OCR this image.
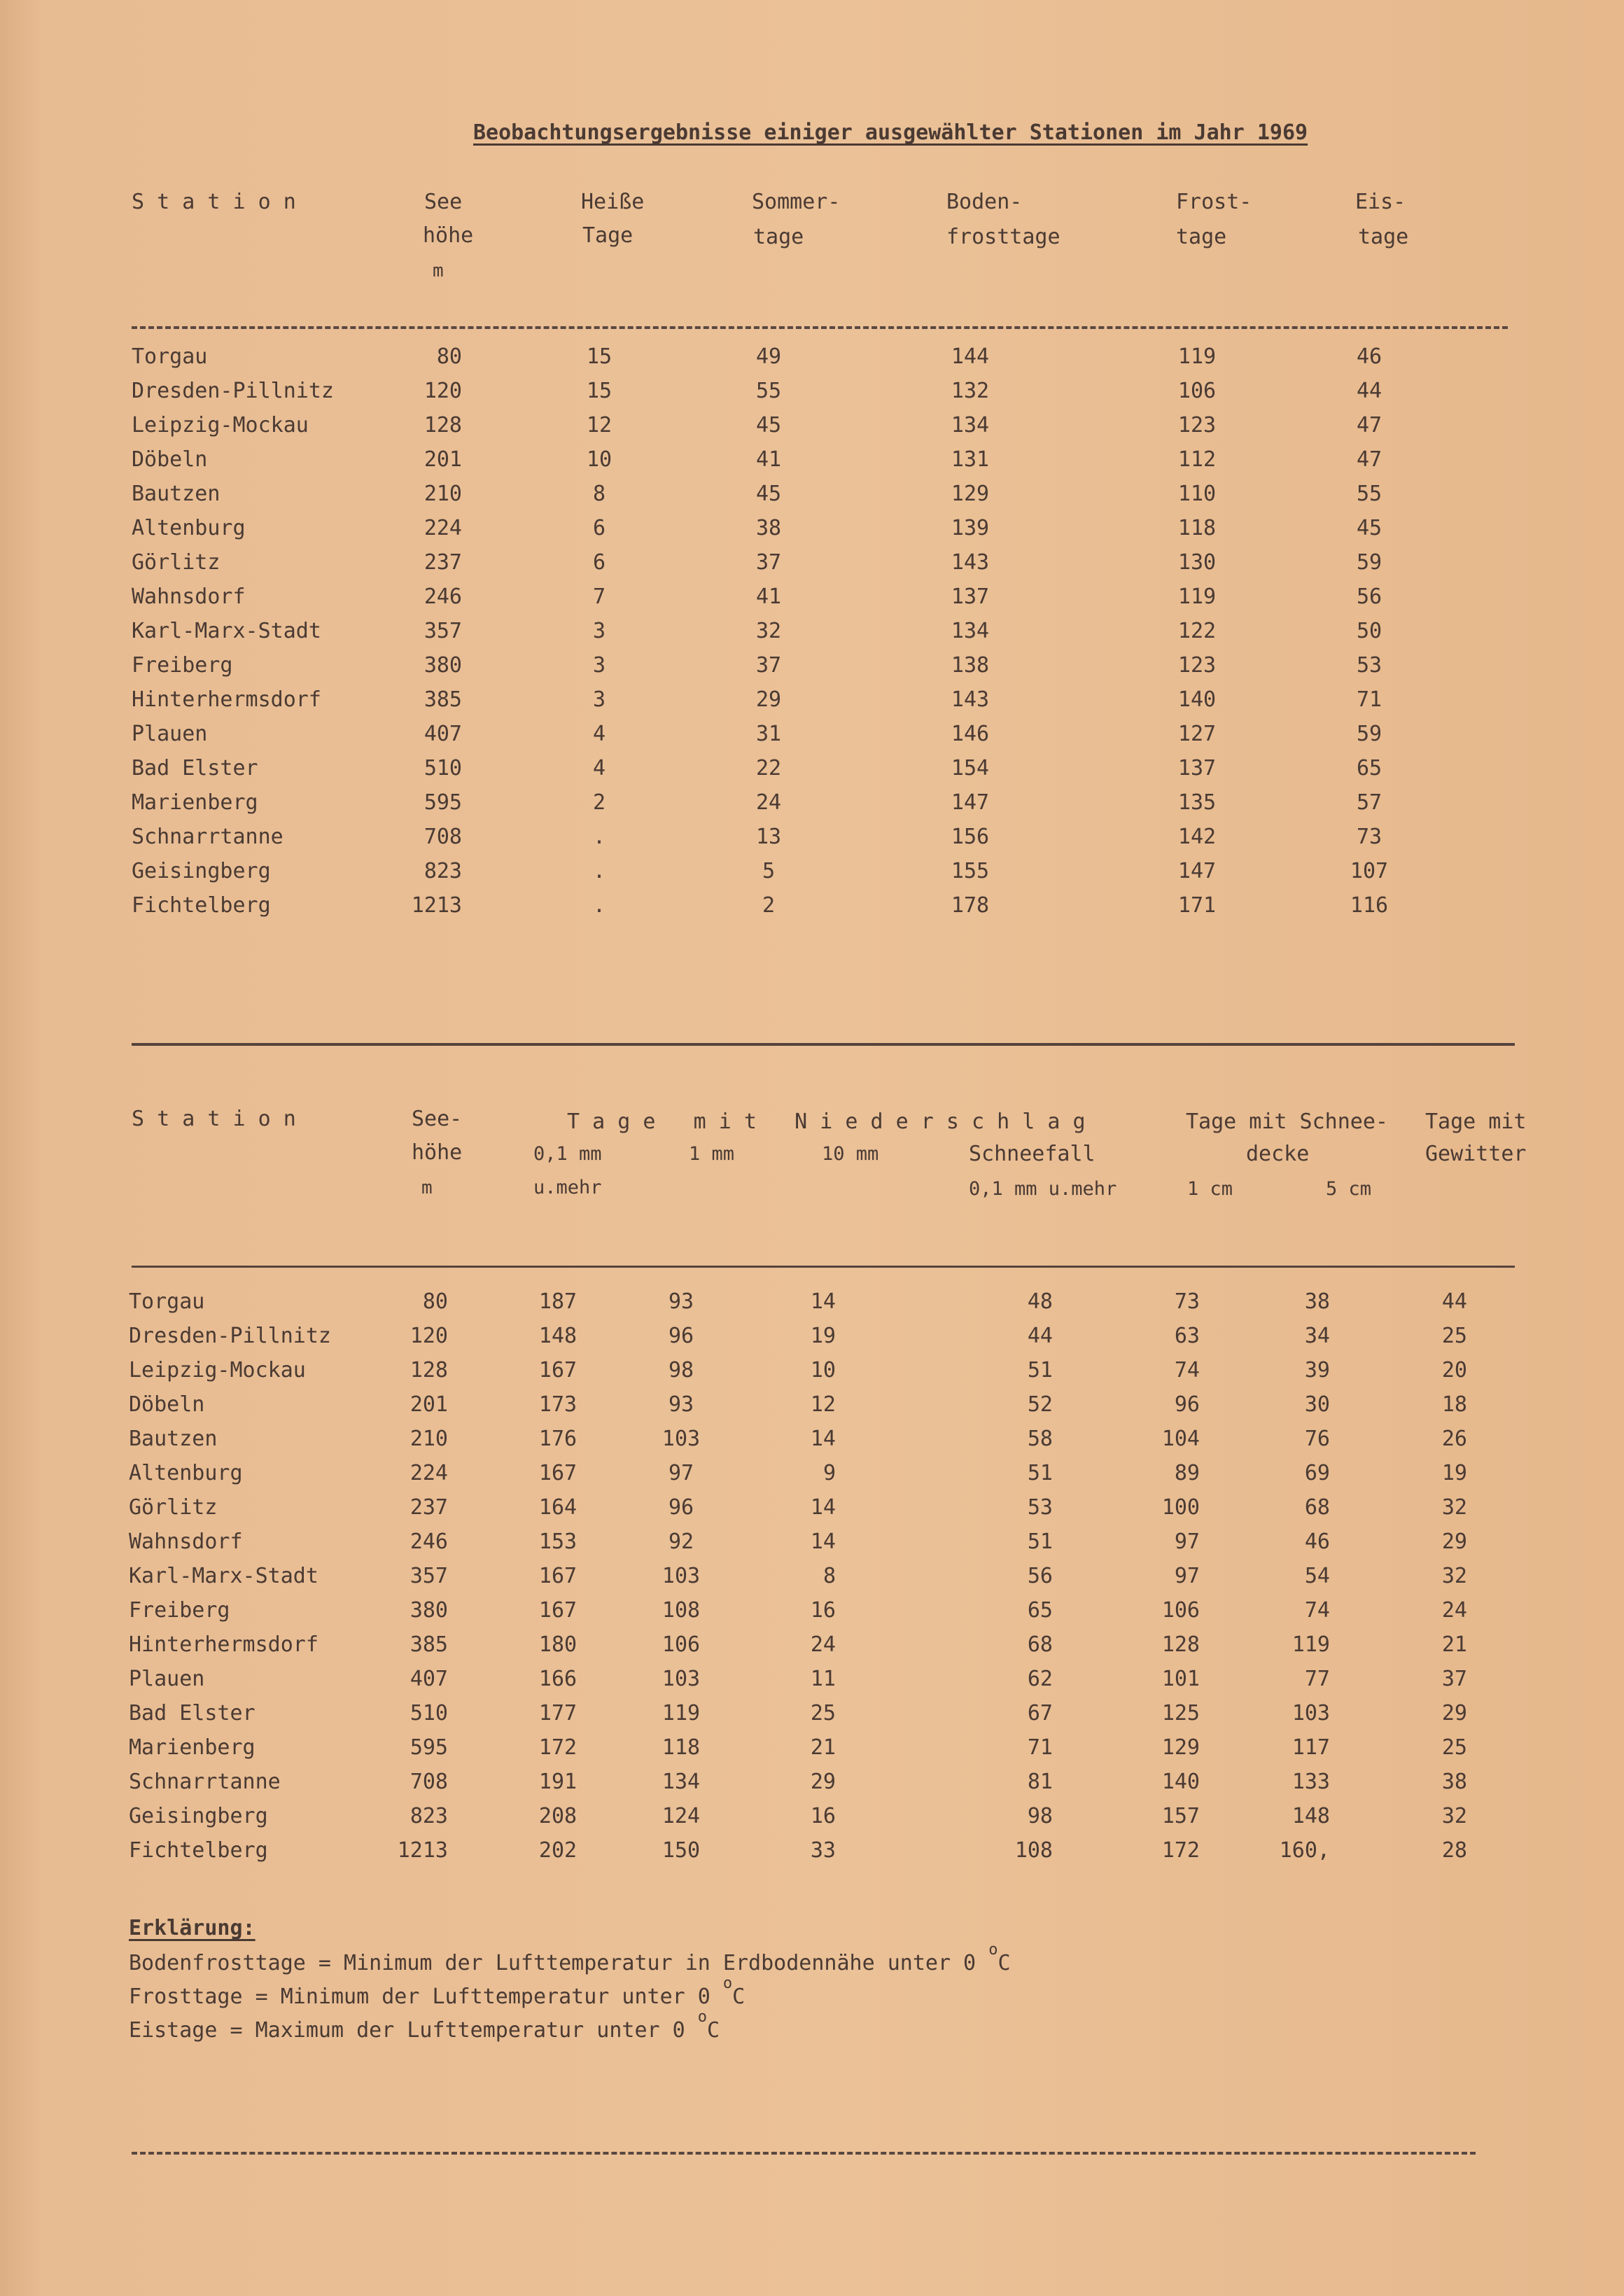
Beobachtungsergebnisse einiger ausgewählter Stationen im Jahr 1969
S t a t i o n	See
höhe
m
Heiße
Tage
Sommer-
tage
Boden-
frosttage
Frost-
tage
Eis-
tage
Torgau	80	15	49	144	119	46
Dresden-Pillnitz	120	15	55	132	106	44
Leipzig-Mockau	128	12	45	134	123	47
Döbeln	201	10	41	131	112	47
Bautzen	210	8	45	129	110	55
Altenburg	224	6	38	139	118	45
Görlitz	237	6	37	143	130	59
Wahnsdorf	246	7	41	137	119	56
Karl-Marx-Stadt	357	3	32	134	122	50
Freiberg	380	3	37	138	123	53
Hinterhermsdorf	385	3	29	143	140	71
Plauen	407	4	31	146	127	59
Bad Elster	510	4	22	154	137	65
Marienberg	595	2	24	147	135	57
Schnarrtanne	708	.	13	156	142	73
Geisingberg	823	.	5	155	147	107
Fichtelberg	1213	.	2	178	171	116
S t a t i o n	See-
höhe
m
T a g e   m i t   N i e d e r s c h l a g
0,1 mm
u.mehr
1 mm	10 mm	Schneefall
0,1 mm u.mehr
Tage mit Schnee-
decke
1 cm	5 cm
Tage mit
Gewitter
Torgau	80	187	93	14	48	73	38	44
Dresden-Pillnitz	120	148	96	19	44	63	34	25
Leipzig-Mockau	128	167	98	10	51	74	39	20
Döbeln	201	173	93	12	52	96	30	18
Bautzen	210	176	103	14	58	104	76	26
Altenburg	224	167	97	9	51	89	69	19
Görlitz	237	164	96	14	53	100	68	32
Wahnsdorf	246	153	92	14	51	97	46	29
Karl-Marx-Stadt	357	167	103	8	56	97	54	32
Freiberg	380	167	108	16	65	106	74	24
Hinterhermsdorf	385	180	106	24	68	128	119	21
Plauen	407	166	103	11	62	101	77	37
Bad Elster	510	177	119	25	67	125	103	29
Marienberg	595	172	118	21	71	129	117	25
Schnarrtanne	708	191	134	29	81	140	133	38
Geisingberg	823	208	124	16	98	157	148	32
Fichtelberg	1213	202	150	33	108	172	160,	28
Erklärung:
Bodenfrosttage = Minimum der Lufttemperatur in Erdbodennähe unter 0 $^o$C
Frosttage = Minimum der Lufttemperatur unter 0 $^o$C
Eistage = Maximum der Lufttemperatur unter 0 $^o$C
